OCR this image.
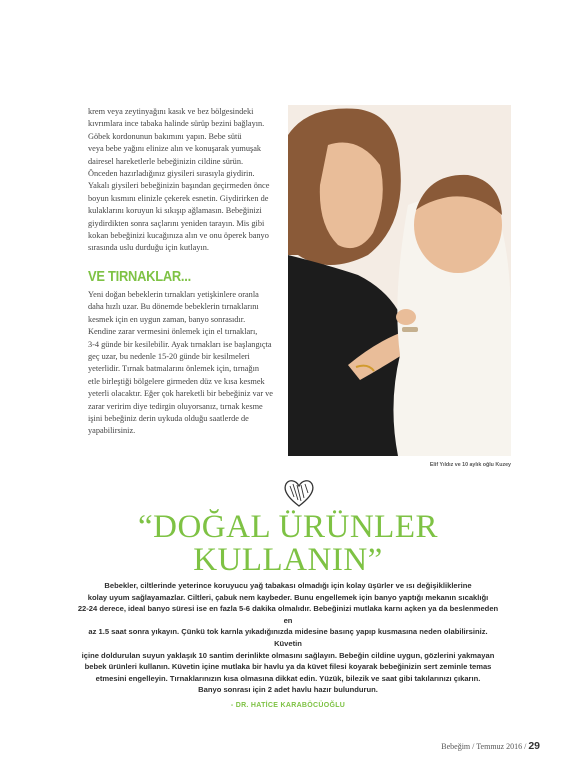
krem veya zeytinyağını kasık ve bez bölgesindeki

kıvrımlara ince tabaka halinde sürüp bezini bağlayın.

Göbek kordonunun bakımını yapın. Bebe sütü

veya bebe yağını elinize alın ve konuşarak yumuşak

dairesel hareketlerle bebeğinizin cildine sürün.

Önceden hazırladığınız giysileri sırasıyla giydirin.

Yakalı giysileri bebeğinizin başından geçirmeden önce

boyun kısmını elinizle çekerek esnetin. Giydirirken de

kulaklarını koruyun ki sıkışıp ağlamasın. Bebeğinizi

giydirdikten sonra saçlarını yeniden tarayın. Mis gibi

kokan bebeğinizi kucağınıza alın ve onu öperek banyo

sırasında uslu durduğu için kutlayın.

VE TIRNAKLAR...

Yeni doğan bebeklerin tırnakları yetişkinlere oranla

daha hızlı uzar. Bu dönemde bebeklerin tırnaklarını

kesmek için en uygun zaman, banyo sonrasıdır.

Kendine zarar vermesini önlemek için el tırnakları,

3-4 günde bir kesilebilir. Ayak tırnakları ise başlangıçta

geç uzar, bu nedenle 15-20 günde bir kesilmeleri

yeterlidir. Tırnak batmalarını önlemek için, tırnağın

etle birleştiği bölgelere girmeden düz ve kısa kesmek

yeterli olacaktır. Eğer çok hareketli bir bebeğiniz var ve

zarar veririm diye tedirgin oluyorsanız, tırnak kesme

işini bebeğiniz derin uykuda olduğu saatlerde de

yapabilirsiniz.

Elif Yıldız ve 10 aylık oğlu Kuzey
“DOĞAL ÜRÜNLER
KULLANIN”
Bebekler, ciltlerinde yeterince koruyucu yağ tabakası olmadığı için kolay üşürler ve ısı değişikliklerine
kolay uyum sağlayamazlar. Ciltleri, çabuk nem kaybeder. Bunu engellemek için banyo yaptığı mekanın sıcaklığı
22-24 derece, ideal banyo süresi ise en fazla 5-6 dakika olmalıdır. Bebeğinizi mutlaka karnı açken ya da beslenmeden en
az 1.5 saat sonra yıkayın. Çünkü tok karnla yıkadığınızda midesine basınç yapıp kusmasına neden olabilirsiniz. Küvetin
içine doldurulan suyun yaklaşık 10 santim derinlikte olmasını sağlayın. Bebeğin cildine uygun, gözlerini yakmayan
bebek ürünleri kullanın. Küvetin içine mutlaka bir havlu ya da küvet filesi koyarak bebeğinizin sert zeminle temas
etmesini engelleyin. Tırnaklarınızın kısa olmasına dikkat edin. Yüzük, bilezik ve saat gibi takılarınızı çıkarın.
Banyo sonrası için 2 adet havlu hazır bulundurun.
- DR. HATİCE KARABÖCÜOĞLU
Bebeğim / Temmuz 2016 / 29
